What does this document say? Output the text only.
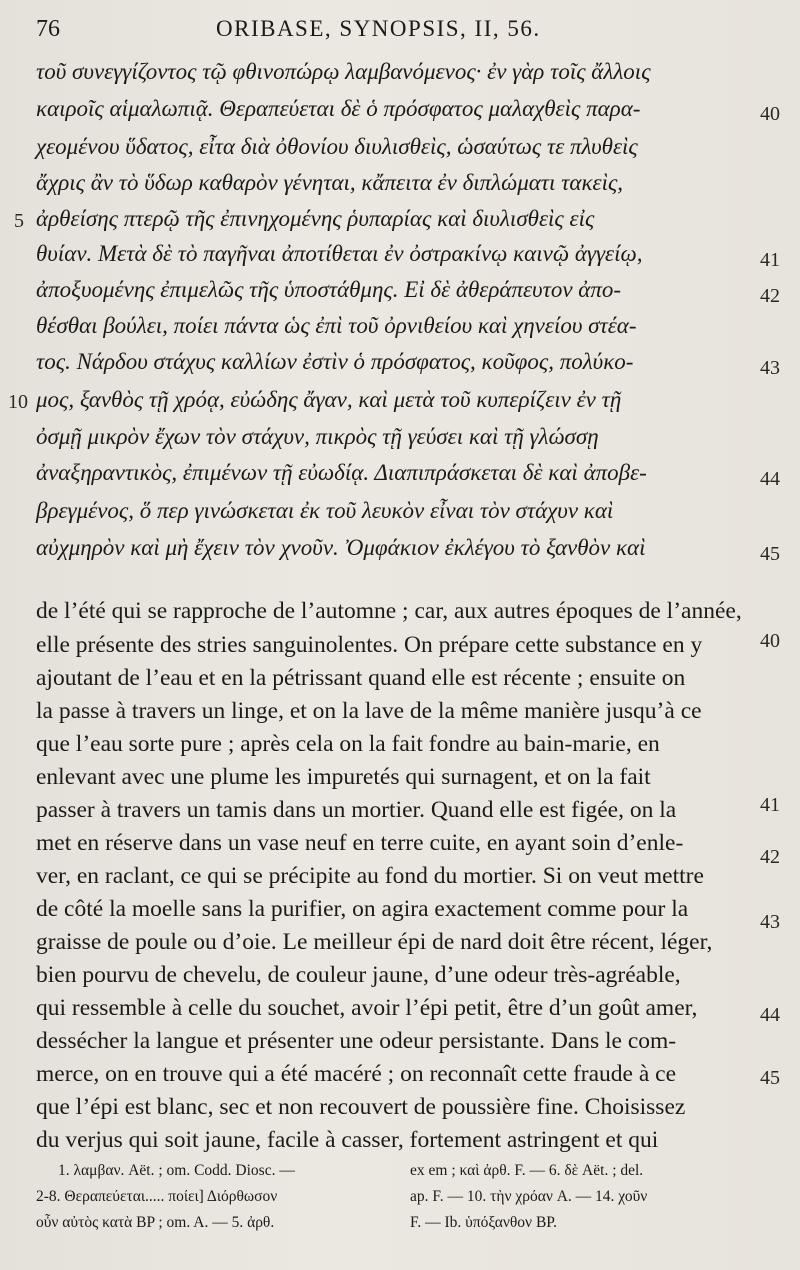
76	ORIBASE, SYNOPSIS, II, 56.
τοῦ συνεγγίζοντος τῷ φθινοπώρῳ λαμβανόμενος· ἐν γὰρ τοῖς ἄλλοις
καιροῖς αἱμαλωπιᾷ. Θεραπεύεται δὲ ὁ πρόσφατος μαλαχθεὶς παρα-
χεομένου ὕδατος, εἶτα διὰ ὀθονίου διυλισθεὶς, ὡσαύτως τε πλυθεὶς
ἄχρις ἂν τὸ ὕδωρ καθαρὸν γένηται, κἄπειτα ἐν διπλώματι τακεὶς,
ἀρθείσης πτερῷ τῆς ἐπινηχομένης ῥυπαρίας καὶ διυλισθεὶς εἰς
θυίαν. Μετὰ δὲ τὸ παγῆναι ἀποτίθεται ἐν ὀστρακίνῳ καινῷ ἀγγείῳ,
ἀποξυομένης ἐπιμελῶς τῆς ὑποστάθμης. Εἰ δὲ ἀθεράπευτον ἀπο-
θέσθαι βούλει, ποίει πάντα ὡς ἐπὶ τοῦ ὀρνιθείου καὶ χηνείου στέα-
τος. Νάρδου στάχυς καλλίων ἐστὶν ὁ πρόσφατος, κοῦφος, πολύκο-
μος, ξανθὸς τῇ χρόᾳ, εὐώδης ἄγαν, καὶ μετὰ τοῦ κυπερίζειν ἐν τῇ
ὀσμῇ μικρὸν ἔχων τὸν στάχυν, πικρὸς τῇ γεύσει καὶ τῇ γλώσσῃ
ἀναξηραντικὸς, ἐπιμένων τῇ εὐωδίᾳ. Διαπιπράσκεται δὲ καὶ ἀποβε-
βρεγμένος, ὅ περ γινώσκεται ἐκ τοῦ λευκὸν εἶναι τὸν στάχυν καὶ
αὐχμηρὸν καὶ μὴ ἔχειν τὸν χνοῦν. Ὀμφάκιον ἐκλέγου τὸ ξανθὸν καὶ
5
10
40
41
42
43
44
45
de l’été qui se rapproche de l’automne ; car, aux autres époques de l’année,
elle présente des stries sanguinolentes. On prépare cette substance en y
ajoutant de l’eau et en la pétrissant quand elle est récente ; ensuite on
la passe à travers un linge, et on la lave de la même manière jusqu’à ce
que l’eau sorte pure ; après cela on la fait fondre au bain-marie, en
enlevant avec une plume les impuretés qui surnagent, et on la fait
passer à travers un tamis dans un mortier. Quand elle est figée, on la
met en réserve dans un vase neuf en terre cuite, en ayant soin d’enle-
ver, en raclant, ce qui se précipite au fond du mortier. Si on veut mettre
de côté la moelle sans la purifier, on agira exactement comme pour la
graisse de poule ou d’oie. Le meilleur épi de nard doit être récent, léger,
bien pourvu de chevelu, de couleur jaune, d’une odeur très-agréable,
qui ressemble à celle du souchet, avoir l’épi petit, être d’un goût amer,
dessécher la langue et présenter une odeur persistante. Dans le com-
merce, on en trouve qui a été macéré ; on reconnaît cette fraude à ce
que l’épi est blanc, sec et non recouvert de poussière fine. Choisissez
du verjus qui soit jaune, facile à casser, fortement astringent et qui
40
41
42
43
44
45
1. λαμβαν. Aët. ; om. Codd. Diosc. —
2-8. Θεραπεύεται..... ποίει] Διόρθωσον
οὖν αὐτὸς κατὰ BP ; om. A. — 5. ἀρθ.
ex em ; καὶ ἀρθ. F. — 6. δὲ Aët. ; del.
ap. F. — 10. τὴν χρόαν A. — 14. χοῦν
F. — Ib. ὑπόξανθον BP.
